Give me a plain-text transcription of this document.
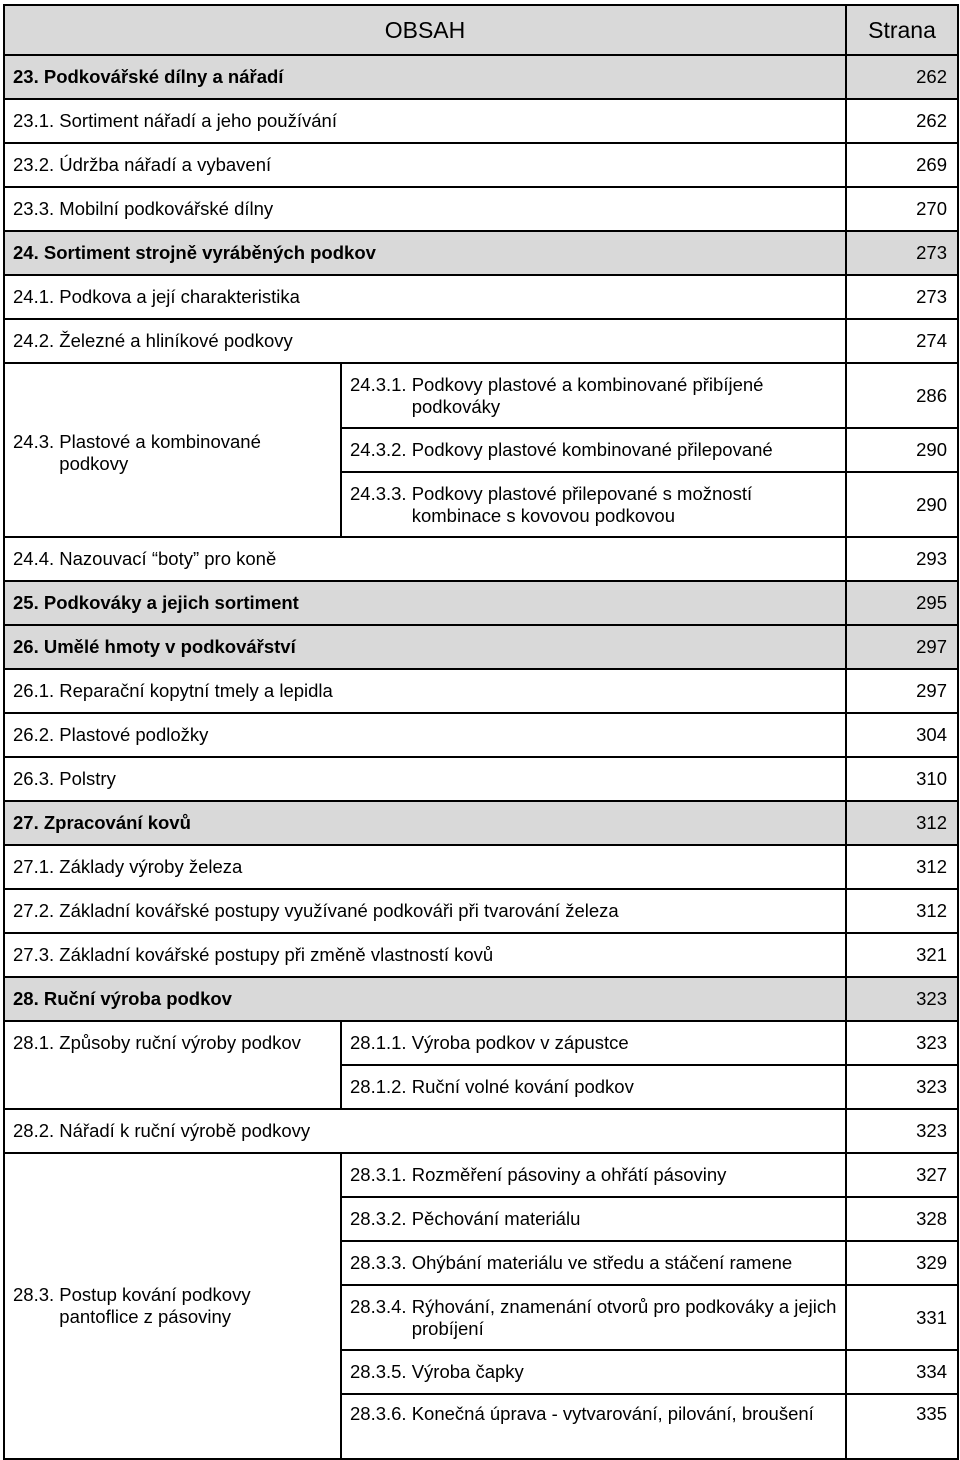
OBSAH		Strana
23. Podkovářské dílny a nářadí		262
23.1. Sortiment nářadí a jeho používání		262
23.2. Údržba nářadí a vybavení		269
23.3. Mobilní podkovářské dílny		270
24. Sortiment strojně vyráběných podkov		273
24.1. Podkova a její charakteristika		273
24.2. Železné a hliníkové podkovy		274

24.3. Plastové a kombinované podkovy	24.3.1. Podkovy plastové a kombinované přibíjené podkováky	286
	24.3.2. Podkovy plastové kombinované přilepované	290

	24.3.3. Podkovy plastové přilepované s možností kombinace s kovovou podkovou	290
24.4. Nazouvací “boty” pro koně		293
25. Podkováky a jejich sortiment		295
26. Umělé hmoty v podkovářství		297
26.1. Reparační kopytní tmely a lepidla		297
26.2. Plastové podložky		304
26.3. Polstry		310
27. Zpracování kovů		312
27.1. Základy výroby železa		312
27.2. Základní kovářské postupy využívané podkováři při tvarování železa		312
27.3. Základní kovářské postupy při změně vlastností kovů		321
28. Ruční výroba podkov		323
28.1. Způsoby ruční výroby podkov	28.1.1. Výroba podkov v zápustce	323
	28.1.2. Ruční volné kování podkov	323
28.2. Nářadí k ruční výrobě podkovy		323

28.3. Postup kování podkovy pantoflice z pásoviny	28.3.1. Rozměření pásoviny a ohřátí pásoviny	327
	28.3.2. Pěchování materiálu	328
	28.3.3. Ohýbání materiálu ve středu a stáčení ramene	329

	28.3.4. Rýhování, znamenání otvorů pro podkováky a jejich probíjení	331
	28.3.5. Výroba čapky	334

	28.3.6. Konečná úprava - vytvarování, pilování, broušení	335
